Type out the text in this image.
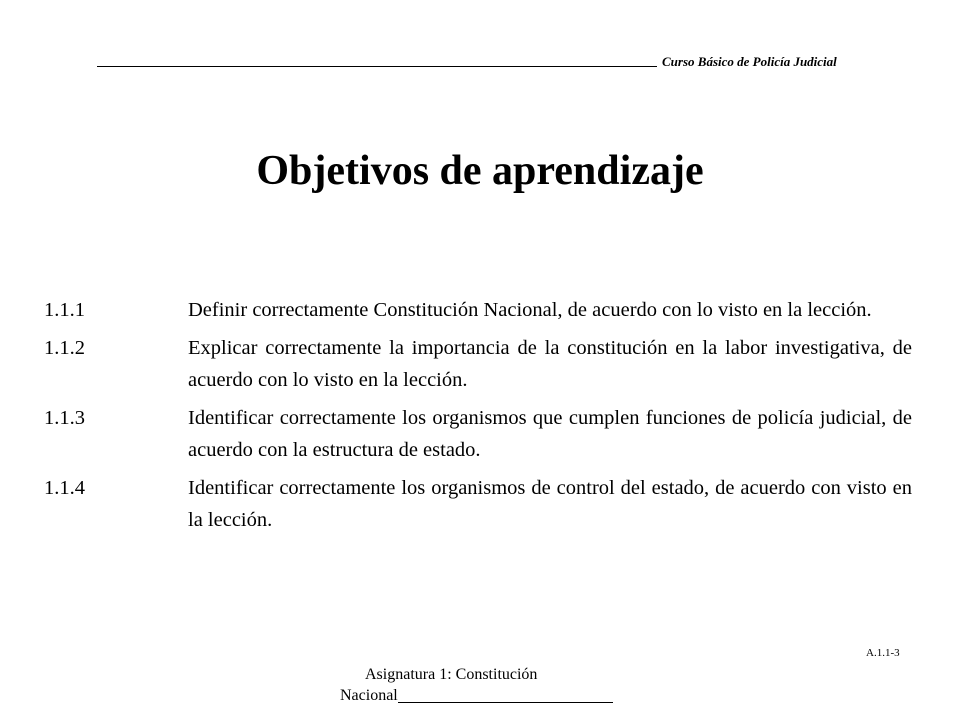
Curso Básico de Policía Judicial
Objetivos de aprendizaje
1.1.1	Definir correctamente Constitución Nacional, de acuerdo con lo visto en la lección.
1.1.2	Explicar correctamente la importancia de la constitución en la labor investigativa, de acuerdo con lo visto en la lección.
1.1.3	Identificar correctamente los organismos que cumplen funciones de policía judicial, de acuerdo con la estructura de estado.
1.1.4	Identificar correctamente los organismos de control del estado, de acuerdo con visto en la lección.
A.1.1-3
Asignatura 1: Constitución
Nacional
